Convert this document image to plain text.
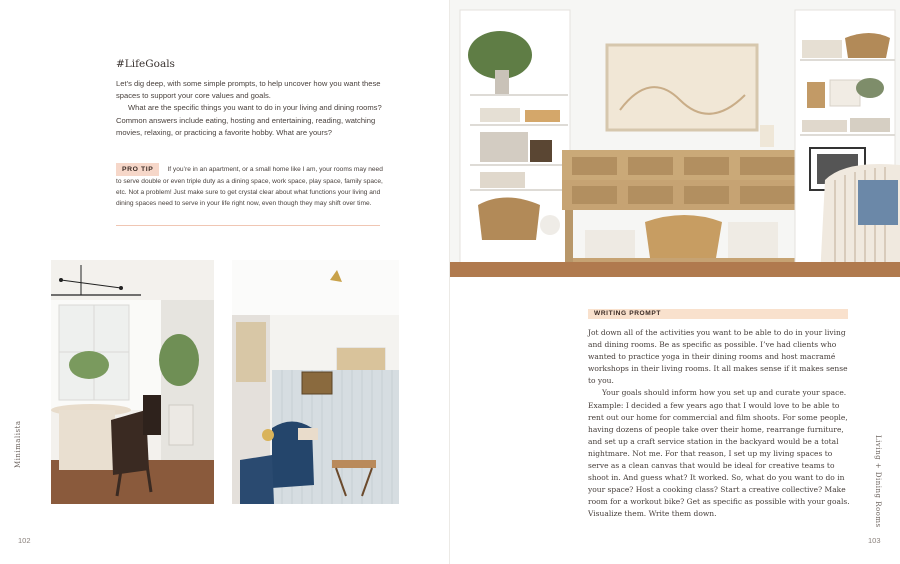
#LifeGoals

Let’s dig deep, with some simple prompts, to help uncover how you want these spaces to support your core values and goals.

What are the specific things you want to do in your living and dining rooms? Common answers include eating, hosting and entertaining, reading, watching movies, relaxing, or practicing a favorite hobby. What are yours?

PRO TIP If you’re in an apartment, or a small home like I am, your rooms may need to serve double or even triple duty as a dining space, work space, play space, family space, etc. Not a problem! Just make sure to get crystal clear about what functions your living and dining spaces need to serve in your life right now, even though they may shift over time.
Minimalista
102
WRITING PROMPT

Jot down all of the activities you want to be able to do in your living and dining rooms. Be as specific as possible. I’ve had clients who wanted to practice yoga in their dining rooms and host macramé workshops in their living rooms. It all makes sense if it makes sense to you.

Your goals should inform how you set up and curate your space. Example: I decided a few years ago that I would love to be able to rent out our home for commercial and film shoots. For some people, having dozens of people take over their home, rearrange furniture, and set up a craft service station in the backyard would be a total nightmare. Not me. For that reason, I set up my living spaces to serve as a clean canvas that would be ideal for creative teams to shoot in. And guess what? It worked. So, what do you want to do in your space? Host a cooking class? Start a creative collective? Make room for a workout bike? Get as specific as possible with your goals. Visualize them. Write them down.	Living + Dining Rooms
103
